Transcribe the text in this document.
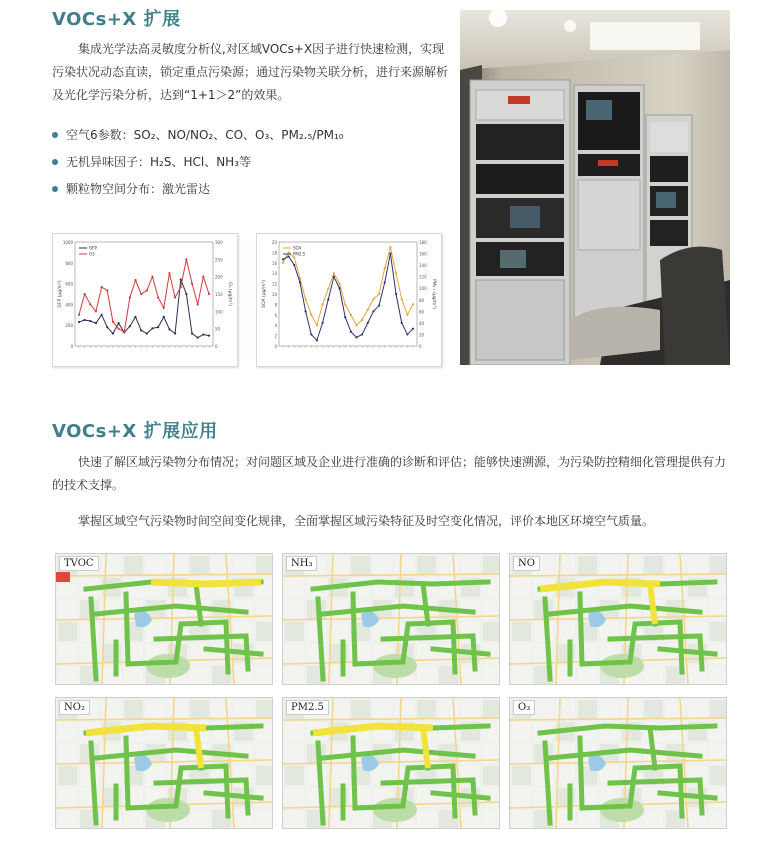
VOCs+X 扩展
集成光学法高灵敏度分析仪,对区域VOCs+X因子进行快速检测，实现污染状况动态直读，锁定重点污染源；通过污染物关联分析，进行来源解析及光化学污染分析，达到“1+1＞2”的效果。
空气6参数：SO₂、NO/NO₂、CO、O₃、PM₂.₅/PM₁₀
无机异味因子：H₂S、HCl、NH₃等
颗粒物空间分布：激光雷达
0
200
400
600
800
1000
0
50
100
150
200
250
300
OFP (μg/m³)	O₃ (μg/m³)
OFP
O3
0
2
4
6
8
10
12
14
16
18
20
0
20
40
60
80
100
120
140
160
180
SOA (μg/m³)	PM₂.₅ (μg/m³)
SOA
PM2.5
VOCs+X 扩展应用
快速了解区域污染物分布情况；对问题区域及企业进行准确的诊断和评估；能够快速溯源，为污染防控精细化管理提供有力的技术支撑。
掌握区域空气污染物时间空间变化规律，全面掌握区域污染特征及时空变化情况，评价本地区环境空气质量。
TVOC	NH₃	NO
NO₂	PM2.5	O₃
